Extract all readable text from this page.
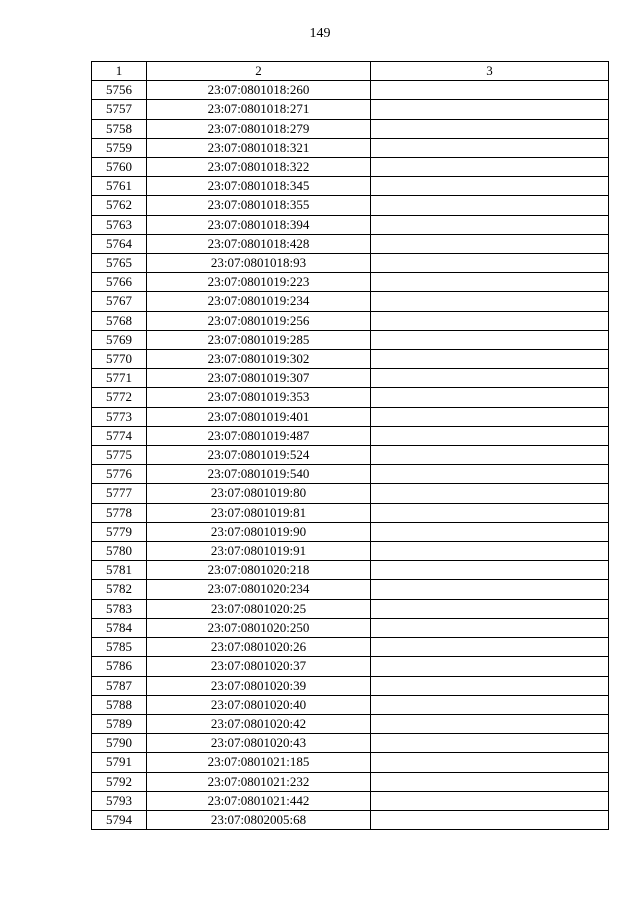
149
1	2	3
5756	23:07:0801018:260	
5757	23:07:0801018:271	
5758	23:07:0801018:279	
5759	23:07:0801018:321	
5760	23:07:0801018:322	
5761	23:07:0801018:345	
5762	23:07:0801018:355	
5763	23:07:0801018:394	
5764	23:07:0801018:428	
5765	23:07:0801018:93	
5766	23:07:0801019:223	
5767	23:07:0801019:234	
5768	23:07:0801019:256	
5769	23:07:0801019:285	
5770	23:07:0801019:302	
5771	23:07:0801019:307	
5772	23:07:0801019:353	
5773	23:07:0801019:401	
5774	23:07:0801019:487	
5775	23:07:0801019:524	
5776	23:07:0801019:540	
5777	23:07:0801019:80	
5778	23:07:0801019:81	
5779	23:07:0801019:90	
5780	23:07:0801019:91	
5781	23:07:0801020:218	
5782	23:07:0801020:234	
5783	23:07:0801020:25	
5784	23:07:0801020:250	
5785	23:07:0801020:26	
5786	23:07:0801020:37	
5787	23:07:0801020:39	
5788	23:07:0801020:40	
5789	23:07:0801020:42	
5790	23:07:0801020:43	
5791	23:07:0801021:185	
5792	23:07:0801021:232	
5793	23:07:0801021:442	
5794	23:07:0802005:68	
